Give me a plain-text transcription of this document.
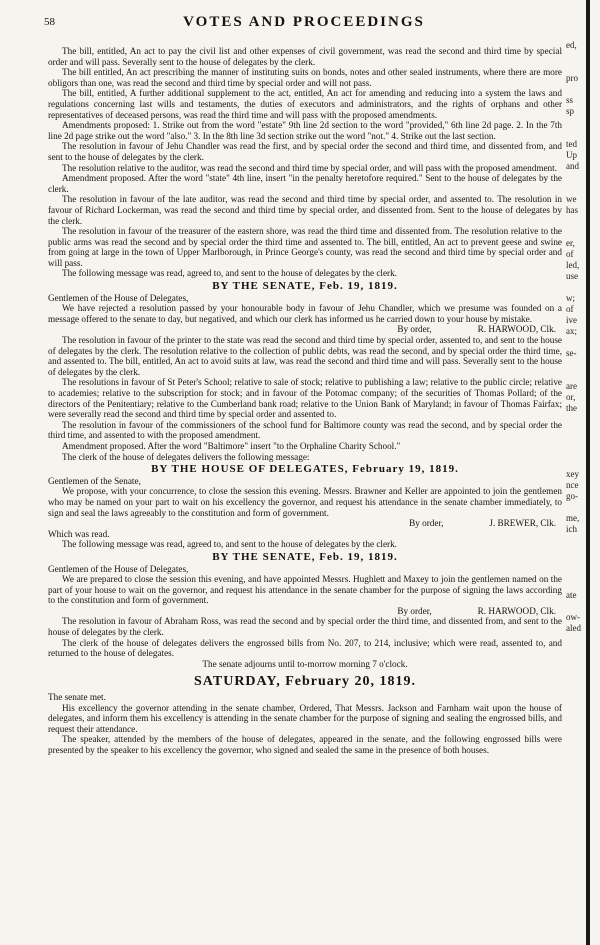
58	VOTES AND PROCEEDINGS

The bill, entitled, An act to pay the civil list and other expenses of civil government, was read the second and third time by special order and will pass. Severally sent to the house of delegates by the clerk.

The bill entitled, An act prescribing the manner of instituting suits on bonds, notes and other sealed instruments, where there are more obligors than one, was read the second and third time by special order and will not pass.

The bill, entitled, A further additional supplement to the act, entitled, An act for amending and reducing into a system the laws and regulations concerning last wills and testaments, the duties of executors and administrators, and the rights of orphans and other representatives of deceased persons, was read the third time and will pass with the proposed amendments.

Amendments proposed: 1. Strike out from the word "estate" 9th line 2d section to the word "provided," 6th line 2d page. 2. In the 7th line 2d page strike out the word "also." 3. In the 8th line 3d section strike out the word "not." 4. Strike out the last section.

The resolution in favour of Jehu Chandler was read the first, and by special order the second and third time, and dissented from, and sent to the house of delegates by the clerk.

The resolution relative to the auditor, was read the second and third time by special order, and will pass with the proposed amendment.

Amendment proposed. After the word "state" 4th line, insert "in the penalty heretofore required." Sent to the house of delegates by the clerk.

The resolution in favour of the late auditor, was read the second and third time by special order, and assented to. The resolution in favour of Richard Lockerman, was read the second and third time by special order, and dissented from. Sent to the house of delegates by the clerk.

The resolution in favour of the treasurer of the eastern shore, was read the third time and dissented from. The resolution relative to the public arms was read the second and by special order the third time and assented to. The bill, entitled, An act to prevent geese and swine from going at large in the town of Upper Marlborough, in Prince George's county, was read the second and third time by special order and will pass.

The following message was read, agreed to, and sent to the house of delegates by the clerk.

BY THE SENATE, Feb. 19, 1819.

Gentlemen of the House of Delegates,

We have rejected a resolution passed by your honourable body in favour of Jehu Chandler, which we presume was founded on a message offered to the senate to day, but negatived, and which our clerk has informed us he carried down to your house by mistake.

By order,                    R. HARWOOD, Clk.

The resolution in favour of the printer to the state was read the second and third time by special order, assented to, and sent to the house of delegates by the clerk. The resolution relative to the collection of public debts, was read the second, and by special order the third time, and assented to. The bill, entitled, An act to avoid suits at law, was read the second and third time and will pass. Severally sent to the house of delegates by the clerk.

The resolutions in favour of St Peter's School; relative to sale of stock; relative to publishing a law; relative to the public circle; relative to academies; relative to the subscription for stock; and in favour of the Potomac company; of the securities of Thomas Pollard; of the directors of the Penitentiary; relative to the Cumberland bank road; relative to the Union Bank of Maryland; in favour of Thomas Fairfax; were severally read the second and third time by special order and assented to.

The resolution in favour of the commissioners of the school fund for Baltimore county was read the second, and by special order the third time, and assented to with the proposed amendment.

Amendment proposed. After the word "Baltimore" insert "to the Orphaline Charity School."

The clerk of the house of delegates delivers the following message:

BY THE HOUSE OF DELEGATES, February 19, 1819.

Gentlemen of the Senate,

We propose, with your concurrence, to close the session this evening. Messrs. Brawner and Keller are appointed to join the gentlemen who may be named on your part to wait on his excellency the governor, and request his attendance in the senate chamber immediately, to sign and seal the laws agreeably to the constitution and form of government.

By order,                    J. BREWER, Clk.

Which was read.

The following message was read, agreed to, and sent to the house of delegates by the clerk.

BY THE SENATE, Feb. 19, 1819.

Gentlemen of the House of Delegates,

We are prepared to close the session this evening, and have appointed Messrs. Hughlett and Maxey to join the gentlemen named on the part of your house to wait on the governor, and request his attendance in the senate chamber for the purpose of signing the laws according to the constitution and form of government.

By order,                    R. HARWOOD, Clk.

The resolution in favour of Abraham Ross, was read the second and by special order the third time, and dissented from, and sent to the house of delegates by the clerk.

The clerk of the house of delegates delivers the engrossed bills from No. 207, to 214, inclusive; which were read, assented to, and returned to the house of delegates.

The senate adjourns until to-morrow morning 7 o'clock.
SATURDAY, February 20, 1819.

The senate met.

His excellency the governor attending in the senate chamber, Ordered, That Messrs. Jackson and Farnham wait upon the house of delegates, and inform them his excellency is attending in the senate chamber for the purpose of signing and sealing the engrossed bills, and request their attendance.

The speaker, attended by the members of the house of delegates, appeared in the senate, and the following engrossed bills were presented by the speaker to his excellency the governor, who signed and sealed the same in the presence of both houses.

ed,
pro
ss
sp
ted
Up
and
we
has
er,
of
led,
use
w;
of
ive
ax;
se-
are
or,
the
xey
nce
go-
me,
ich
ate
ow-
aled
